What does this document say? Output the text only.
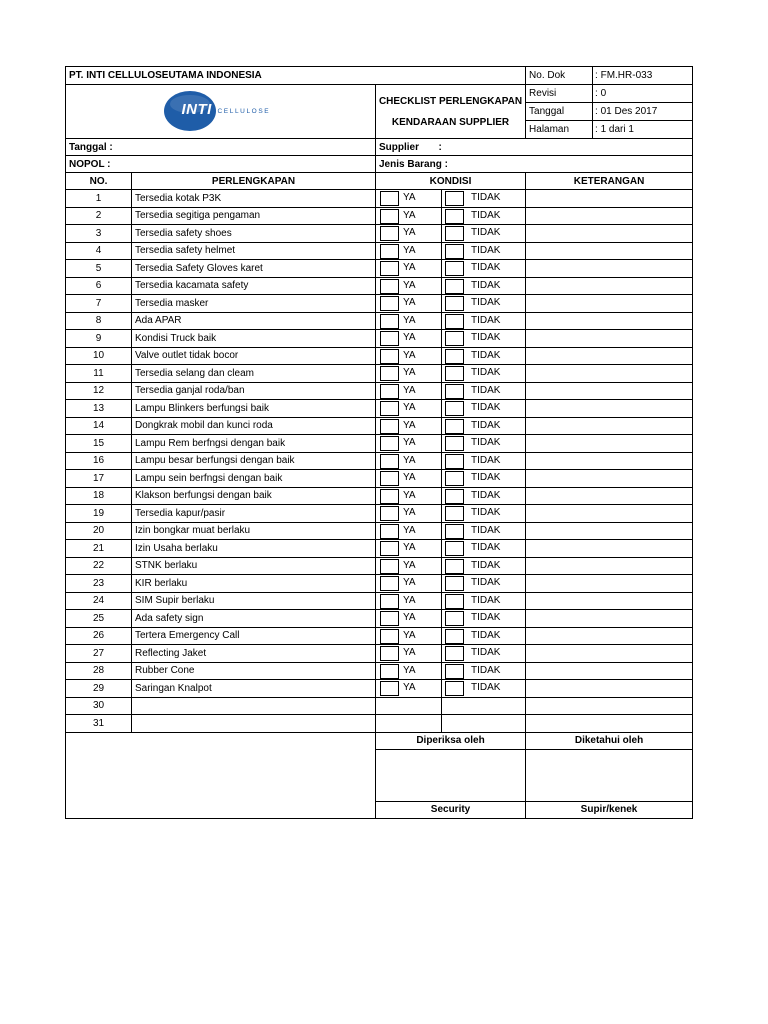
PT. INTI CELLULOSEUTAMA INDONESIA				No. Dok	: FM.HR-033

INTI CELLULOSE		CHECKLIST PERLENGKAPAN KENDARAAN SUPPLIER		Revisi	: 0
				Tanggal	: 01 Des 2017
				Halaman	: 1 dari 1
Tanggal :		Supplier       :			
NOPOL :		Jenis Barang :			
NO.	PERLENGKAPAN	KONDISI		KETERANGAN	
1	Tersedia kotak P3K	YA	TIDAK		

2	Tersedia segitiga pengaman	YA	TIDAK		

3	Tersedia safety shoes	YA	TIDAK		

4	Tersedia safety helmet	YA	TIDAK		

5	Tersedia Safety Gloves karet	YA	TIDAK		

6	Tersedia kacamata safety	YA	TIDAK		

7	Tersedia masker	YA	TIDAK		

8	Ada APAR	YA	TIDAK		

9	Kondisi Truck baik	YA	TIDAK		

10	Valve outlet tidak bocor	YA	TIDAK		

11	Tersedia selang dan cleam	YA	TIDAK		

12	Tersedia ganjal roda/ban	YA	TIDAK		

13	Lampu Blinkers berfungsi baik	YA	TIDAK		

14	Dongkrak mobil dan kunci roda	YA	TIDAK		

15	Lampu Rem berfngsi dengan baik	YA	TIDAK		

16	Lampu besar berfungsi dengan baik	YA	TIDAK		

17	Lampu sein berfngsi dengan baik	YA	TIDAK		

18	Klakson berfungsi dengan baik	YA	TIDAK		

19	Tersedia kapur/pasir	YA	TIDAK		

20	Izin bongkar muat berlaku	YA	TIDAK		

21	Izin Usaha berlaku	YA	TIDAK		

22	STNK berlaku	YA	TIDAK		

23	KIR berlaku	YA	TIDAK		

24	SIM Supir berlaku	YA	TIDAK		

25	Ada safety sign	YA	TIDAK		

26	Tertera Emergency Call	YA	TIDAK		

27	Reflecting Jaket	YA	TIDAK		

28	Rubber Cone	YA	TIDAK		

29	Saringan Knalpot	YA	TIDAK		

30					
31					
		Diperiksa oleh		Diketahui oleh	

		Security		Supir/kenek	
